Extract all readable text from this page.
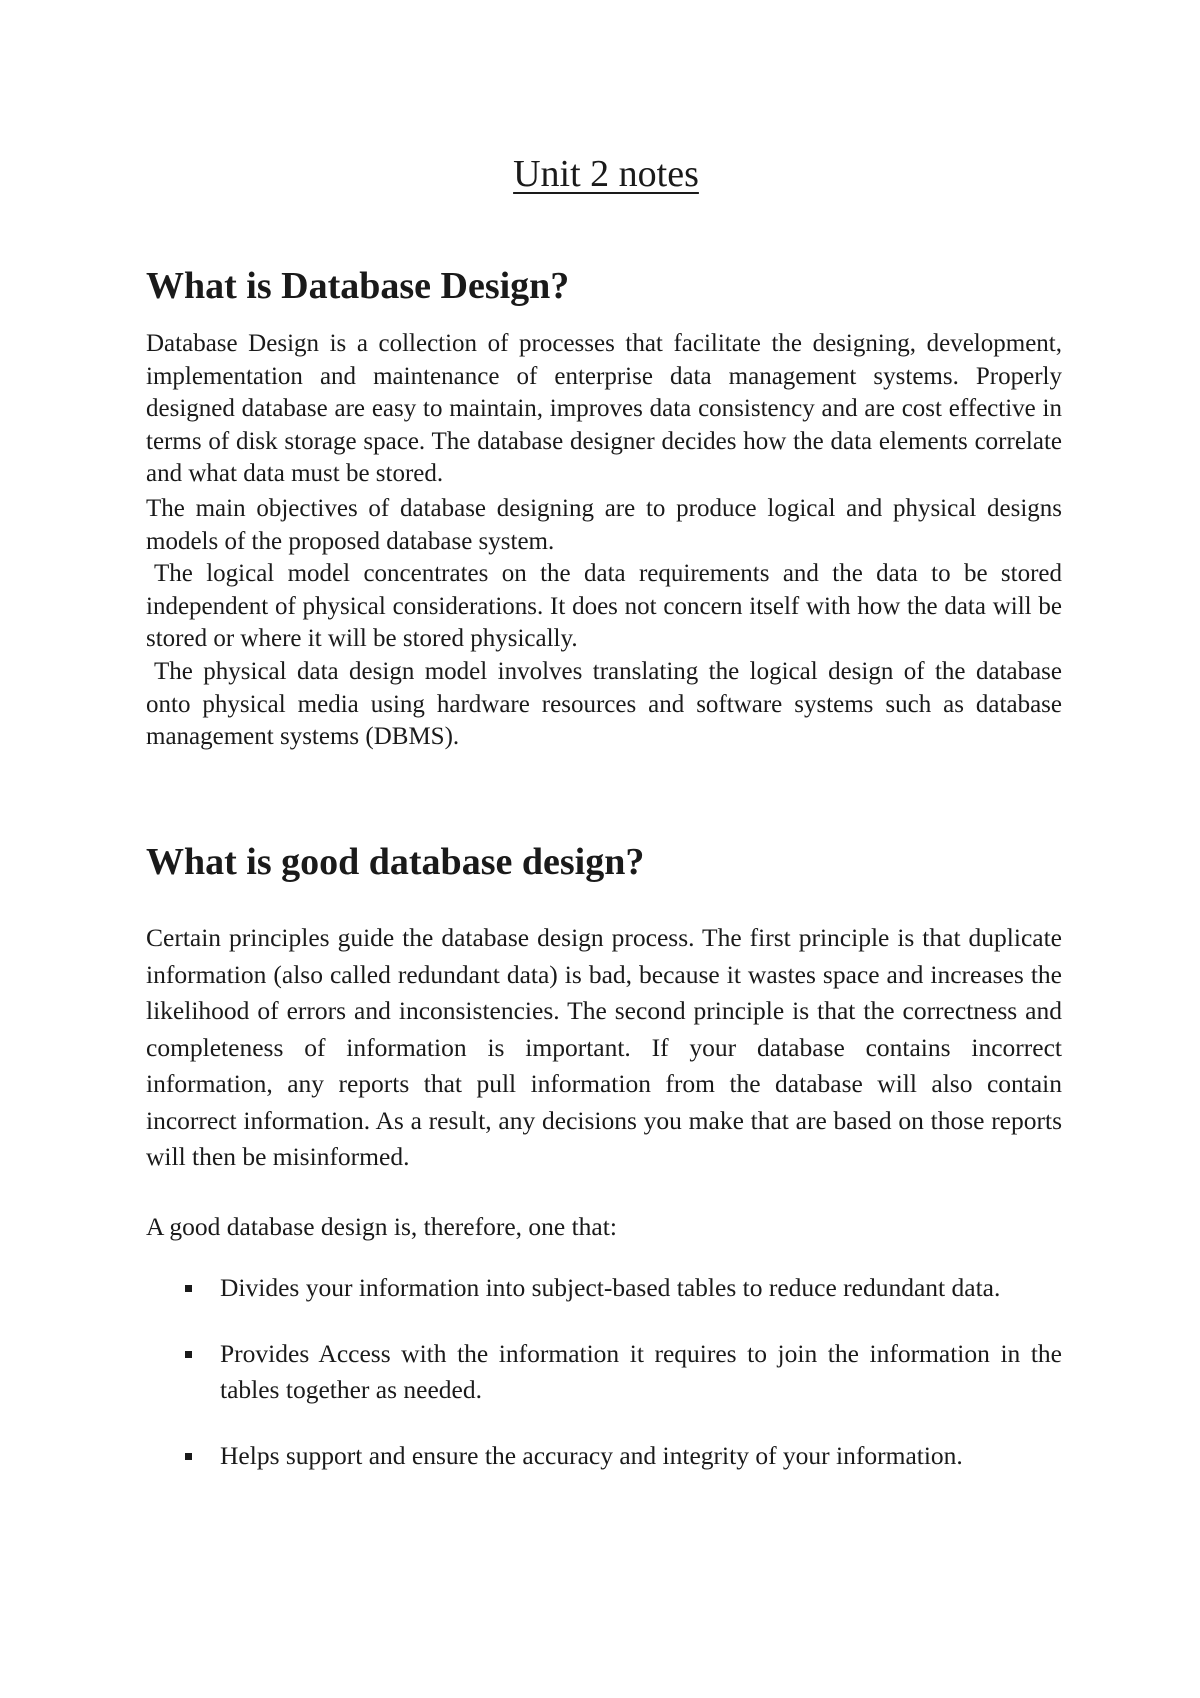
Unit 2 notes
What is Database Design?

Database Design is a collection of processes that facilitate the designing, development, implementation and maintenance of enterprise data management systems. Properly designed database are easy to maintain, improves data consistency and are cost effective in terms of disk storage space. The database designer decides how the data elements correlate and what data must be stored.

The main objectives of database designing are to produce logical and physical designs models of the proposed database system.

The logical model concentrates on the data requirements and the data to be stored independent of physical considerations. It does not concern itself with how the data will be stored or where it will be stored physically.

The physical data design model involves translating the logical design of the database onto physical media using hardware resources and software systems such as database management systems (DBMS).

What is good database design?

Certain principles guide the database design process. The first principle is that duplicate information (also called redundant data) is bad, because it wastes space and increases the likelihood of errors and inconsistencies. The second principle is that the correctness and completeness of information is important. If your database contains incorrect information, any reports that pull information from the database will also contain incorrect information. As a result, any decisions you make that are based on those reports will then be misinformed.

A good database design is, therefore, one that:

Divides your information into subject-based tables to reduce redundant data.
Provides Access with the information it requires to join the information in the tables together as needed.
Helps support and ensure the accuracy and integrity of your information.
